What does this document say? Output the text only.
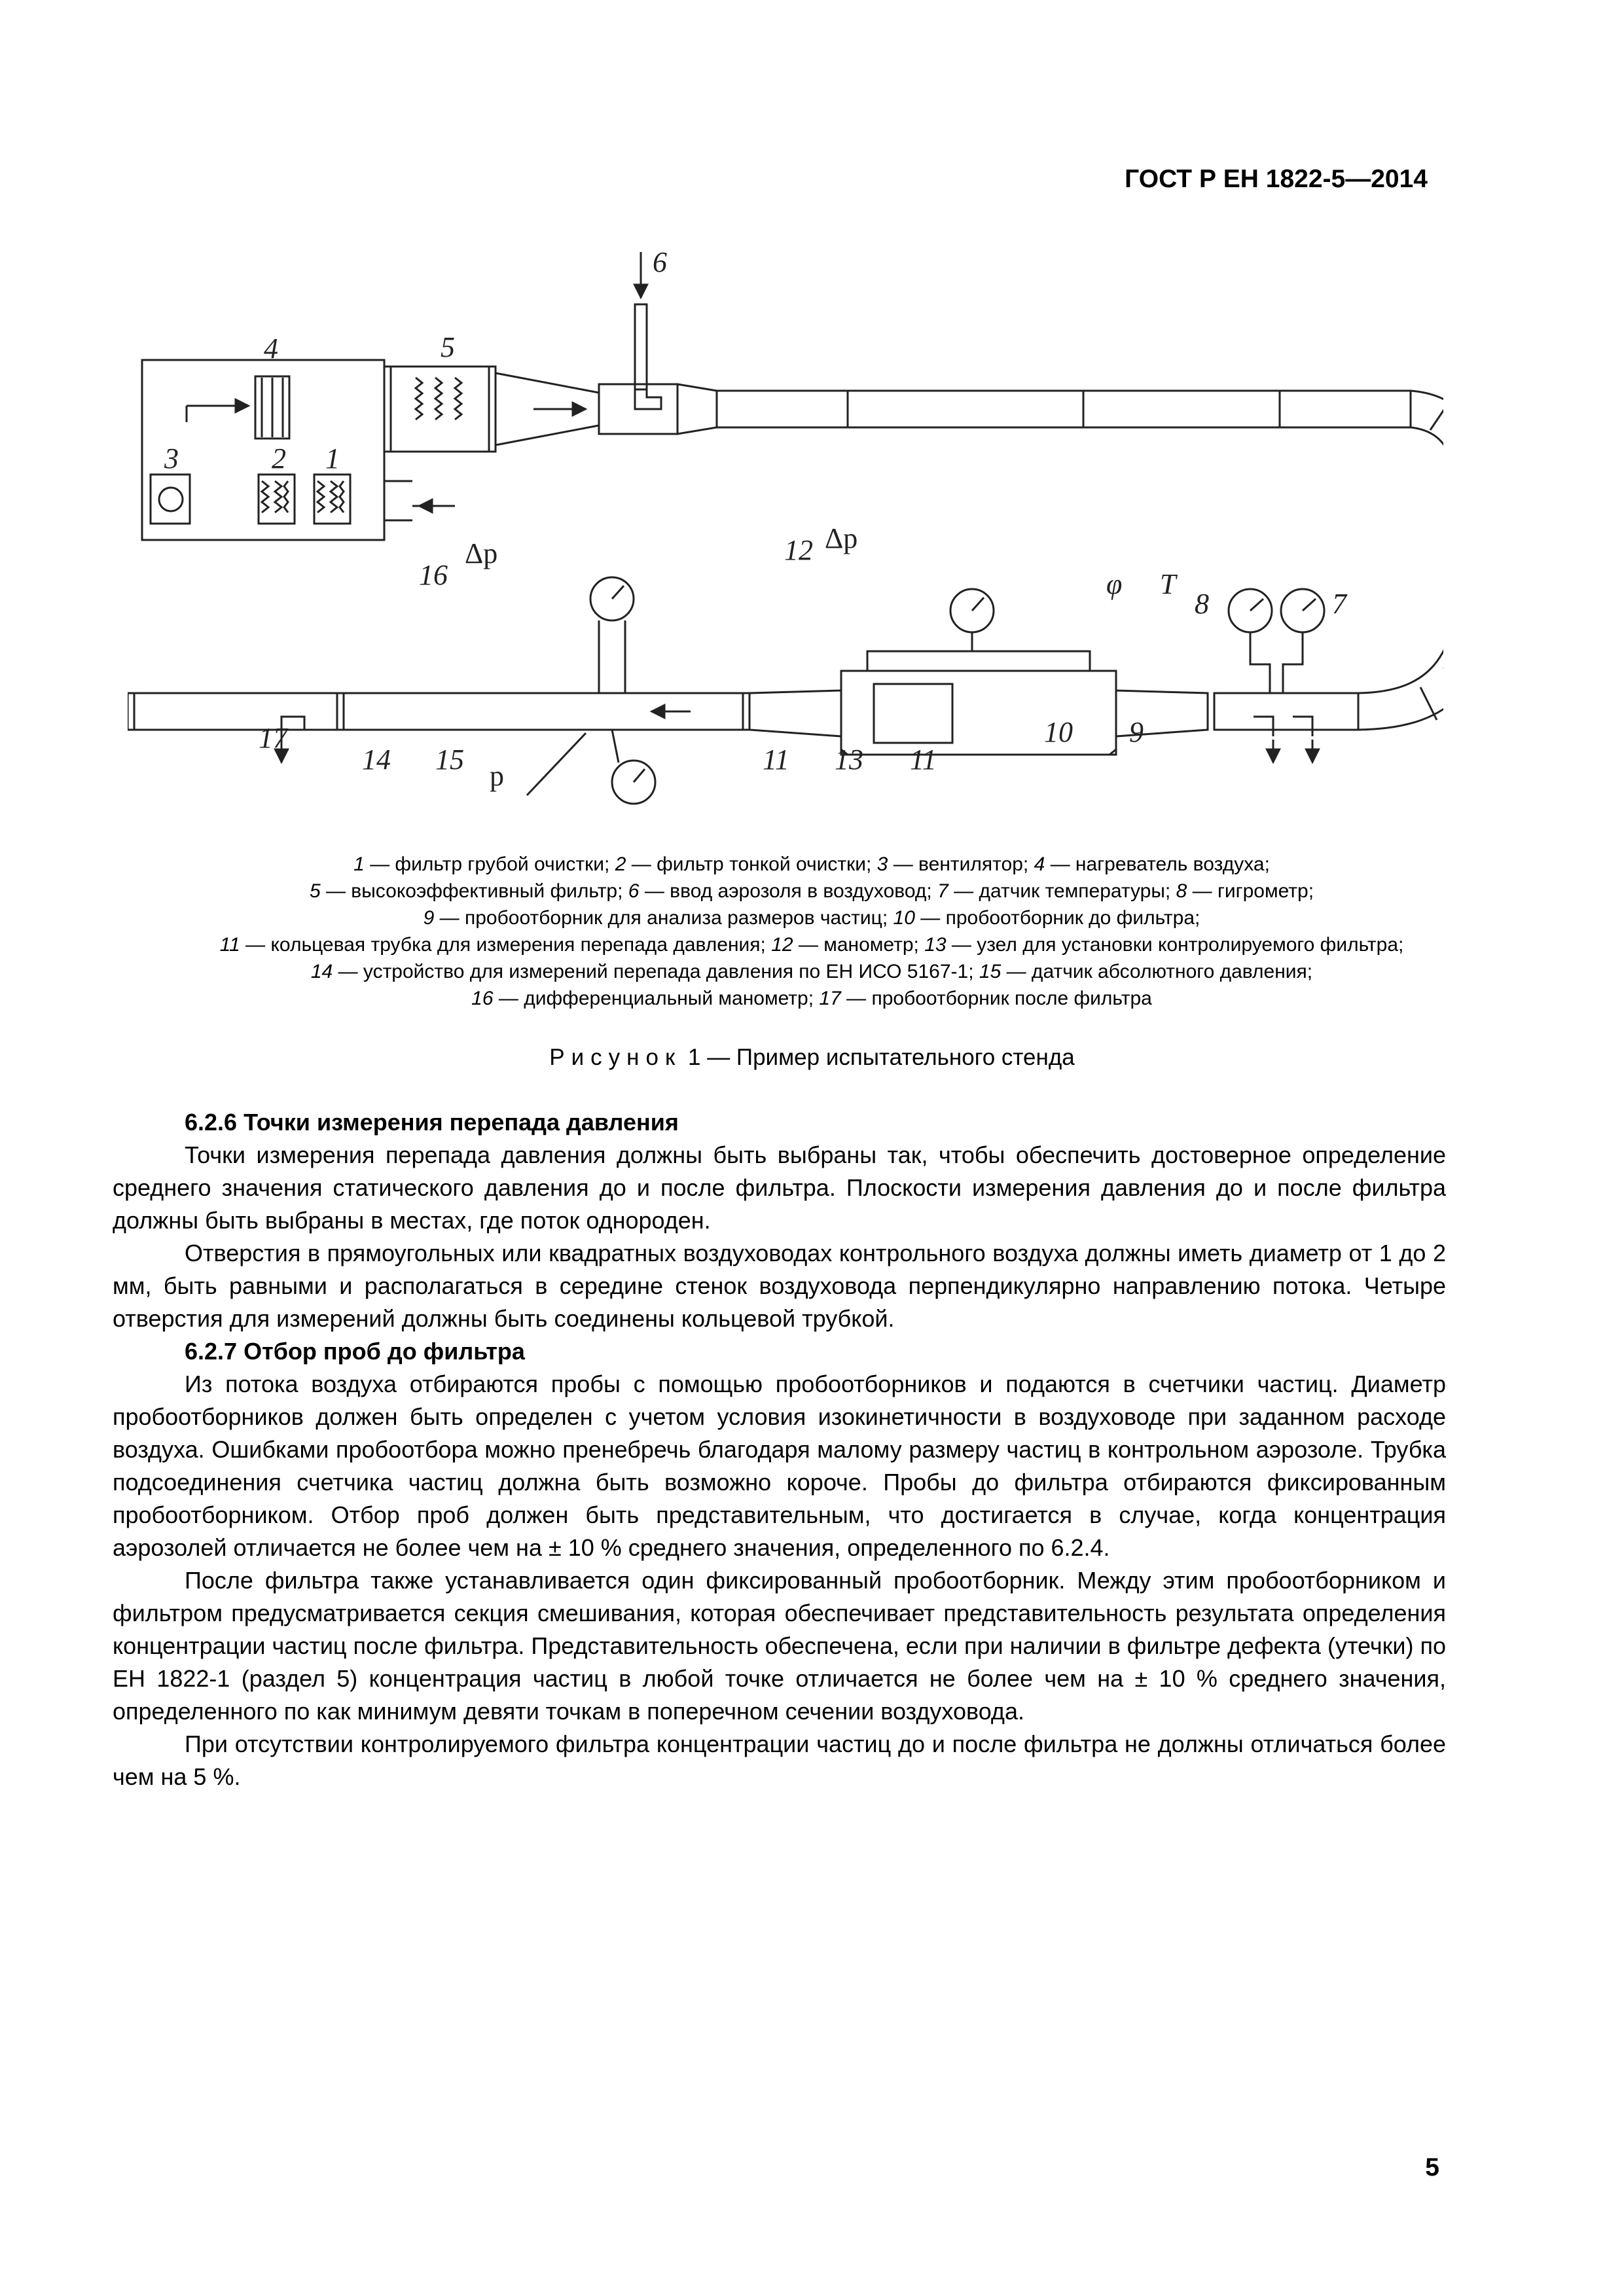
ГОСТ Р ЕН 1822-5—2014
6
4	5
3	2 1
12
8	7
16
17
14 15	11 13 11
10 9
Δp
Δp
p
φ T
1 — фильтр грубой очистки; 2 — фильтр тонкой очистки; 3 — вентилятор; 4 — нагреватель воздуха;
5 — высокоэффективный фильтр; 6 — ввод аэрозоля в воздуховод; 7 — датчик температуры; 8 — гигрометр;
9 — пробоотборник для анализа размеров частиц; 10 — пробоотборник до фильтра;
11 — кольцевая трубка для измерения перепада давления; 12 — манометр; 13 — узел для установки контролируемого фильтра;
14 — устройство для измерений перепада давления по ЕН ИСО 5167-1; 15 — датчик абсолютного давления;
16 — дифференциальный манометр; 17 — пробоотборник после фильтра
Рисунок 1 — Пример испытательного стенда
6.2.6 Точки измерения перепада давления

Точки измерения перепада давления должны быть выбраны так, чтобы обеспечить достоверное определение среднего значения статического давления до и после фильтра. Плоскости измерения давления до и после фильтра должны быть выбраны в местах, где поток однороден.

Отверстия в прямоугольных или квадратных воздуховодах контрольного воздуха должны иметь диаметр от 1 до 2 мм, быть равными и располагаться в середине стенок воздуховода перпендикулярно направлению потока. Четыре отверстия для измерений должны быть соединены кольцевой трубкой.

6.2.7 Отбор проб до фильтра

Из потока воздуха отбираются пробы с помощью пробоотборников и подаются в счетчики частиц. Диаметр пробоотборников должен быть определен с учетом условия изокинетичности в воздуховоде при заданном расходе воздуха. Ошибками пробоотбора можно пренебречь благодаря малому размеру частиц в контрольном аэрозоле. Трубка подсоединения счетчика частиц должна быть возможно короче. Пробы до фильтра отбираются фиксированным пробоотборником. Отбор проб должен быть представительным, что достигается в случае, когда концентрация аэрозолей отличается не более чем на ± 10 % среднего значения, определенного по 6.2.4.

После фильтра также устанавливается один фиксированный пробоотборник. Между этим пробоотборником и фильтром предусматривается секция смешивания, которая обеспечивает представительность результата определения концентрации частиц после фильтра. Представительность обеспечена, если при наличии в фильтре дефекта (утечки) по ЕН 1822-1 (раздел 5) концентрация частиц в любой точке отличается не более чем на ± 10 % среднего значения, определенного по как минимум девяти точкам в поперечном сечении воздуховода.

При отсутствии контролируемого фильтра концентрации частиц до и после фильтра не должны отличаться более чем на 5 %.

5
